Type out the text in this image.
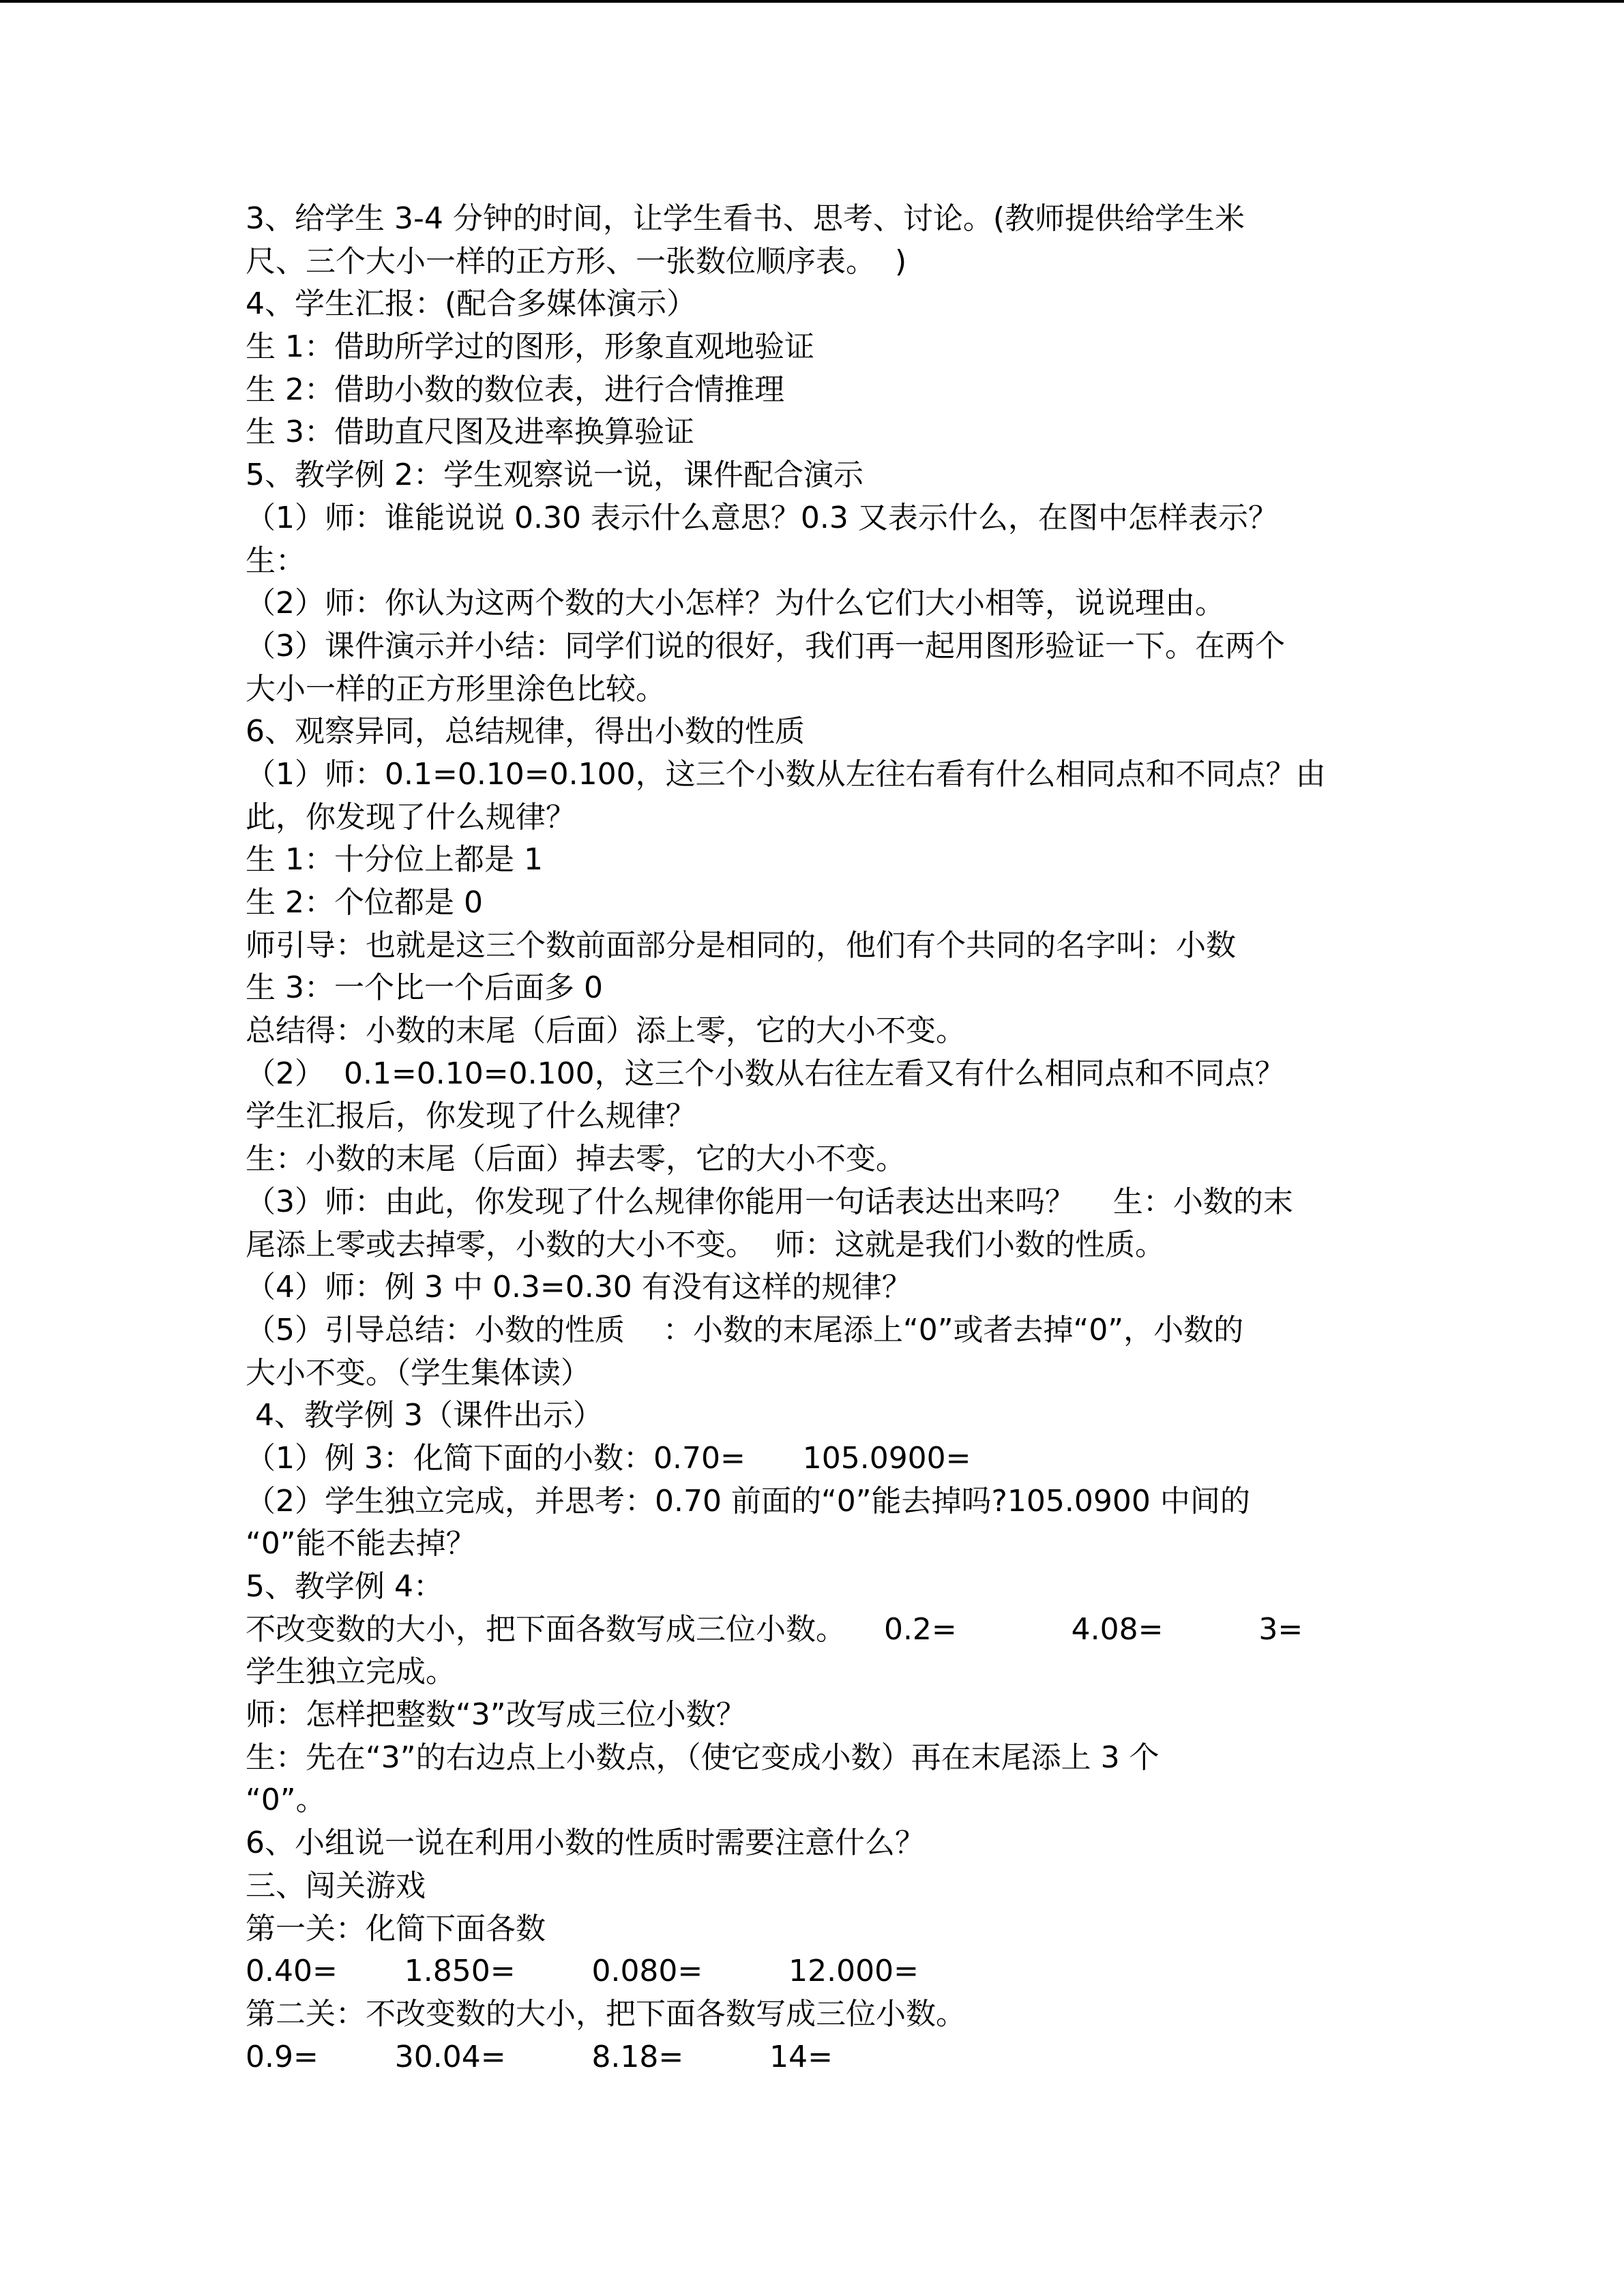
3、给学生 3-4 分钟的时间，让学生看书、思考、讨论。(教师提供给学生米
尺、三个大小一样的正方形、一张数位顺序表。  )
4、学生汇报：(配合多媒体演示）
生 1：借助所学过的图形，形象直观地验证
生 2：借助小数的数位表，进行合情推理
生 3：借助直尺图及进率换算验证
5、教学例 2：学生观察说一说，课件配合演示
（1）师：谁能说说 0.30 表示什么意思？0.3 又表示什么，在图中怎样表示？
生：
（2）师：你认为这两个数的大小怎样？为什么它们大小相等，说说理由。
（3）课件演示并小结：同学们说的很好，我们再一起用图形验证一下。在两个
大小一样的正方形里涂色比较。
6、观察异同，总结规律，得出小数的性质
（1）师：0.1=0.10=0.100，这三个小数从左往右看有什么相同点和不同点？由
此，你发现了什么规律？
生 1：十分位上都是 1
生 2：个位都是 0
师引导：也就是这三个数前面部分是相同的，他们有个共同的名字叫：小数
生 3：一个比一个后面多 0
总结得：小数的末尾（后面）添上零，它的大小不变。
（2）  0.1=0.10=0.100，这三个小数从右往左看又有什么相同点和不同点？
学生汇报后，你发现了什么规律？
生：小数的末尾（后面）掉去零，它的大小不变。
（3）师：由此，你发现了什么规律你能用一句话表达出来吗？    生：小数的末
尾添上零或去掉零，小数的大小不变。  师：这就是我们小数的性质。
（4）师：例 3 中 0.3=0.30 有没有这样的规律？
（5）引导总结：小数的性质    ：小数的末尾添上“0”或者去掉“0”，小数的
大小不变。（学生集体读）
4、教学例 3（课件出示）
（1）例 3：化简下面的小数：0.70=      105.0900=
（2）学生独立完成，并思考：0.70 前面的“0”能去掉吗?105.0900 中间的
“0”能不能去掉？
5、教学例 4：
不改变数的大小，把下面各数写成三位小数。    0.2=            4.08=          3=
学生独立完成。
师：怎样把整数“3”改写成三位小数？
生：先在“3”的右边点上小数点，（使它变成小数）再在末尾添上 3 个
“0”。
6、小组说一说在利用小数的性质时需要注意什么？
三、闯关游戏
第一关：化简下面各数
0.40=       1.850=        0.080=         12.000=
第二关：不改变数的大小，把下面各数写成三位小数。
0.9=        30.04=         8.18=         14=
